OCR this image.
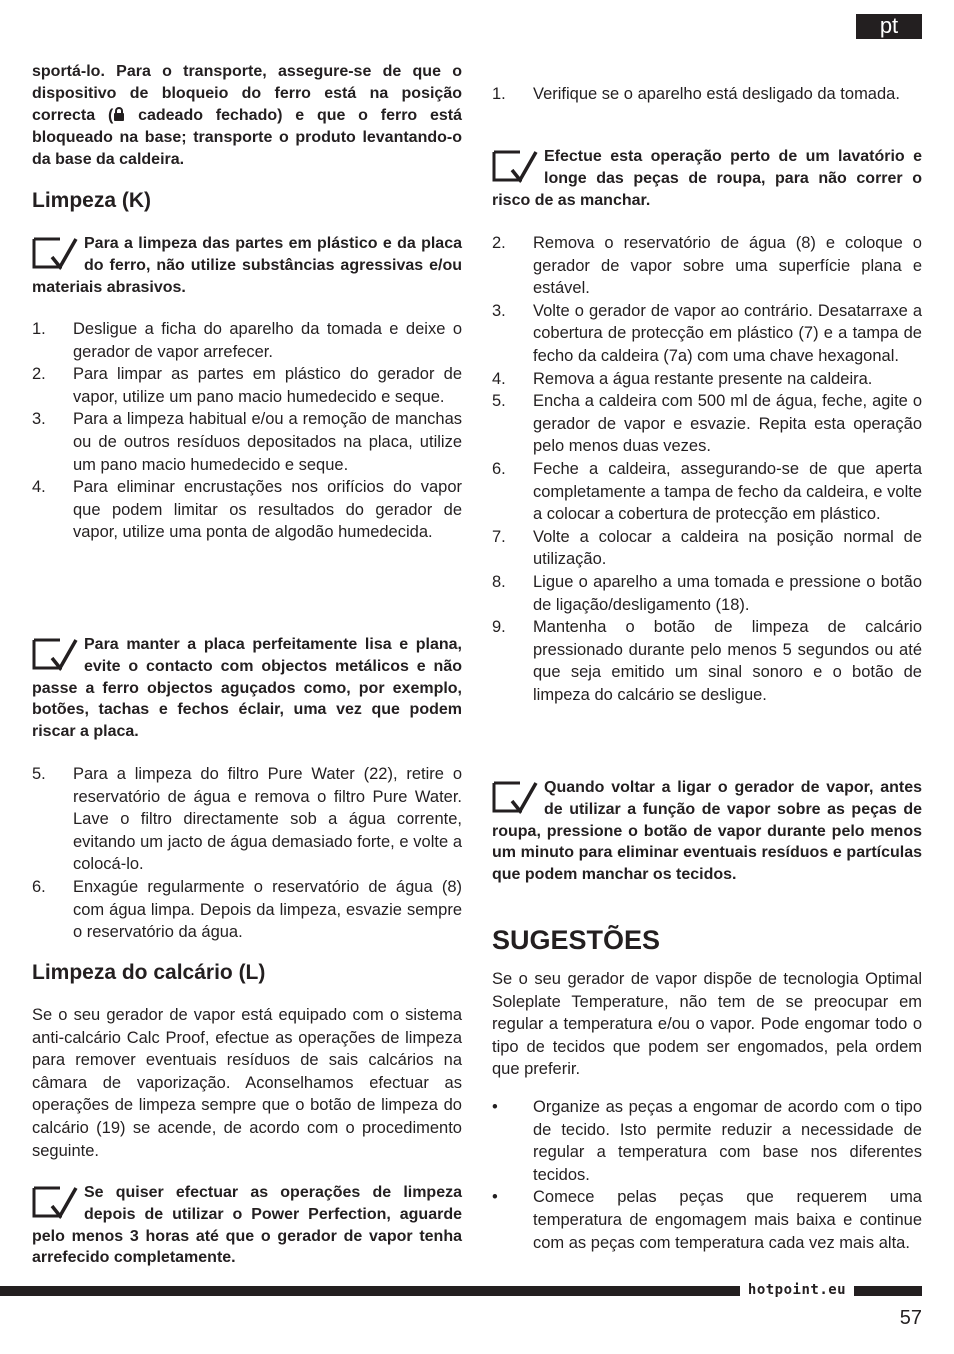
pt

sportá-lo. Para o transporte, assegure-se de que o dispositivo de bloqueio do ferro está na posição correcta ( cadeado fechado) e que o ferro está bloqueado na base; transporte o produto levantando-o da base da caldeira.

Limpeza (K)

Para a limpeza das partes em plástico e da placa do ferro, não utilize substâncias agressivas e/ou materiais abrasivos.

1.	Desligue a ficha do aparelho da tomada e deixe o gerador de vapor arrefecer.
2.	Para limpar as partes em plástico do gerador de vapor, utilize um pano macio humedecido e seque.
3.	Para a limpeza habitual e/ou a remoção de manchas ou de outros resíduos depositados na placa, utilize um pano macio humedecido e seque.
4.	Para eliminar encrustações nos orifícios do vapor que podem limitar os resultados do gerador de vapor, utilize uma ponta de algodão humedecida.

Para manter a placa perfeitamente lisa e plana, evite o contacto com objectos metálicos e não passe a ferro objectos aguçados como, por exemplo, botões, tachas e fechos éclair, uma vez que podem riscar a placa.

5.	Para a limpeza do filtro Pure Water (22), retire o reservatório de água e remova o filtro Pure Water. Lave o filtro directamente sob a água corrente, evitando um jacto de água demasiado forte, e volte a colocá-lo.
6.	Enxagúe regularmente o reservatório de água (8) com água limpa. Depois da limpeza, esvazie sempre o reservatório da água.
Limpeza do calcário (L)

Se o seu gerador de vapor está equipado com o sistema anti-calcário Calc Proof, efectue as operações de limpeza para remover eventuais resíduos de sais calcários na câmara de vaporização. Aconselhamos efectuar as operações de limpeza sempre que o botão de limpeza do calcário (19) se acende, de acordo com o procedimento seguinte.

Se quiser efectuar as operações de limpeza depois de utilizar o Power Perfection, aguarde pelo menos 3 horas até que o gerador de vapor tenha arrefecido completamente.

1.	Verifique se o aparelho está desligado da tomada.

Efectue esta operação perto de um lavatório e longe das peças de roupa, para não correr o risco de as manchar.

2.	Remova o reservatório de água (8) e coloque o gerador de vapor sobre uma superfície plana e estável.
3.	Volte o gerador de vapor ao contrário. Desatarraxe a cobertura de protecção em plástico (7) e a tampa de fecho da caldeira (7a) com uma chave hexagonal.
4.	Remova a água restante presente na caldeira.
5.	Encha a caldeira com 500 ml de água, feche, agite o gerador de vapor e esvazie. Repita esta operação pelo menos duas vezes.
6.	Feche a caldeira, assegurando-se de que aperta completamente a tampa de fecho da caldeira, e volte a colocar a cobertura de protecção em plástico.
7.	Volte a colocar a caldeira na posição normal de utilização.
8.	Ligue o aparelho a uma tomada e pressione o botão de ligação/desligamento (18).
9.	Mantenha o botão de limpeza de calcário pressionado durante pelo menos 5 segundos ou até que seja emitido um sinal sonoro e o botão de limpeza do calcário se desligue.

Quando voltar a ligar o gerador de vapor, antes de utilizar a função de vapor sobre as peças de roupa, pressione o botão de vapor durante pelo menos um minuto para eliminar eventuais resíduos e partículas que podem manchar os tecidos.

SUGESTÕES

Se o seu gerador de vapor dispõe de tecnologia Optimal Soleplate Temperature, não tem de se preocupar em regular a temperatura e/ou o vapor. Pode engomar todo o tipo de tecidos que podem ser engomados, pela ordem que preferir.

•	Organize as peças a engomar de acordo com o tipo de tecido. Isto permite reduzir a necessidade de regular a temperatura com base nos diferentes tecidos.
•	Comece pelas peças que requerem uma temperatura de engomagem mais baixa e continue com as peças com temperatura cada vez mais alta.
hotpoint.eu
57
